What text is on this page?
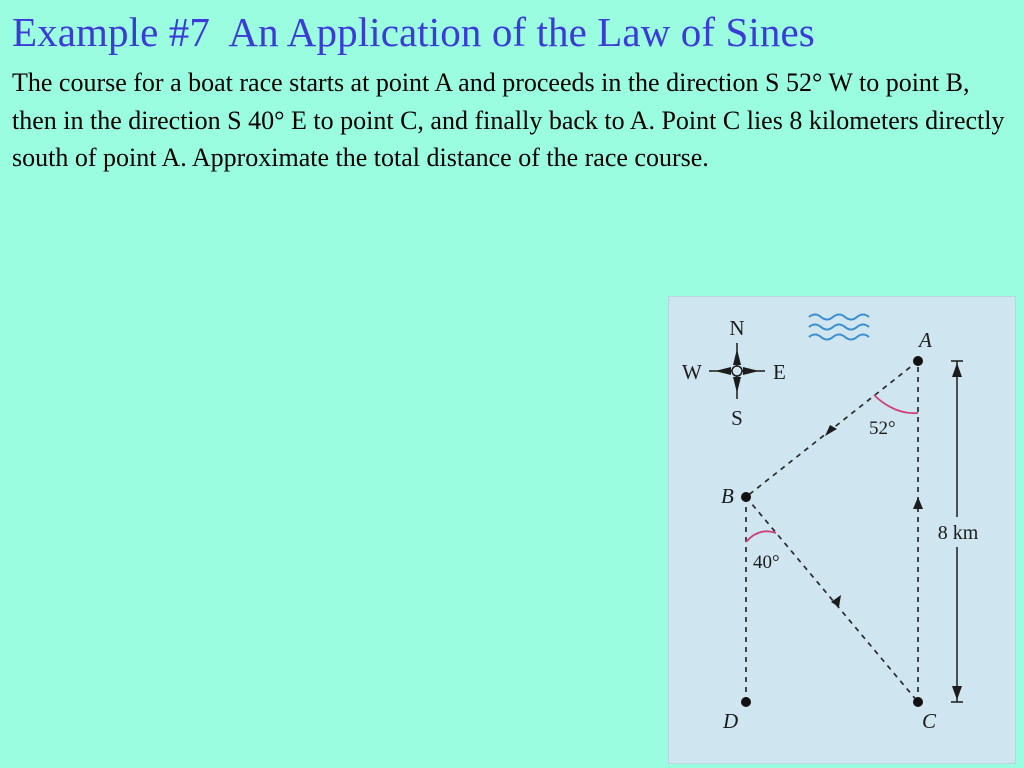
Example #7  An Application of the Law of Sines

The course for a boat race starts at point A and proceeds in the direction S 52° W to point B, then in the direction S 40° E to point C, and finally back to A. Point C lies 8 kilometers directly south of point A. Approximate the total distance of the race course.

N
S
E
W
52°
40°
8 km
A
B
C
D
